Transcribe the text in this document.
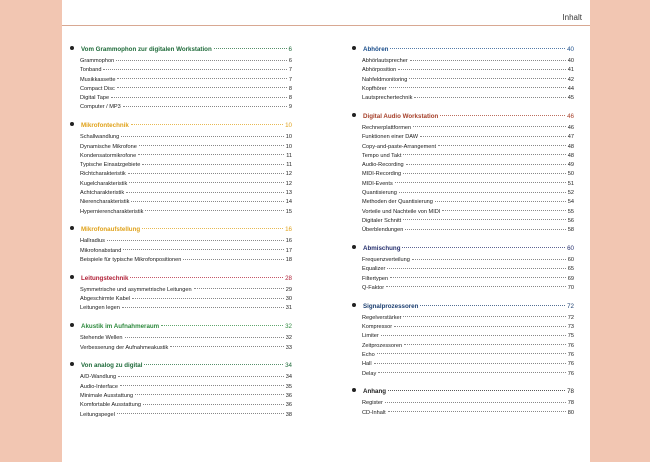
Inhalt
Vom Grammophon zur digitalen Workstation	6
Grammophon	6
Tonband	7
Musikkassette	7
Compact Disc	8
Digital Tape	8
Computer / MP3	9
Mikrofontechnik	10
Schallwandlung	10
Dynamische Mikrofone	10
Kondensatormikrofone	11
Typische Einsatzgebiete	11
Richtcharakteristik	12
Kugelcharakteristik	12
Achtcharakteristik	13
Nierencharakteristik	14
Hypernierencharakteristik	15
Mikrofonaufstellung	16
Hallradius	16
Mikrofonabstand	17
Beispiele für typische Mikrofonpositionen	18
Leitungstechnik	28
Symmetrische und asymmetrische Leitungen	29
Abgeschirmte Kabel	30
Leitungen legen	31
Akustik im Aufnahmeraum	32
Stehende Wellen	32
Verbesserung der Aufnahmeakustik	33
Von analog zu digital	34
A/D-Wandlung	34
Audio-Interface	35
Minimale Ausstattung	36
Komfortable Ausstattung	36
Leitungspegel	38
Abhören	40
Abhörlautsprecher	40
Abhörposition	41
Nahfeldmonitoring	42
Kopfhörer	44
Lautsprechertechnik	45
Digital Audio Workstation	46
Rechnerplattformen	46
Funktionen einer DAW	47
Copy-and-paste-Arrangement	48
Tempo und Takt	48
Audio-Recording	49
MIDI-Recording	50
MIDI-Events	51
Quantisierung	52
Methoden der Quantisierung	54
Vorteile und Nachteile von MIDI	55
Digitaler Schnitt	56
Überblendungen	58
Abmischung	60
Frequenzverteilung	60
Equalizer	65
Filtertypen	69
Q-Faktor	70
Signalprozessoren	72
Regelverstärker	72
Kompressor	73
Limiter	75
Zeitprozessoren	76
Echo	76
Hall	76
Delay	76
Anhang	78
Register	78
CD-Inhalt	80
